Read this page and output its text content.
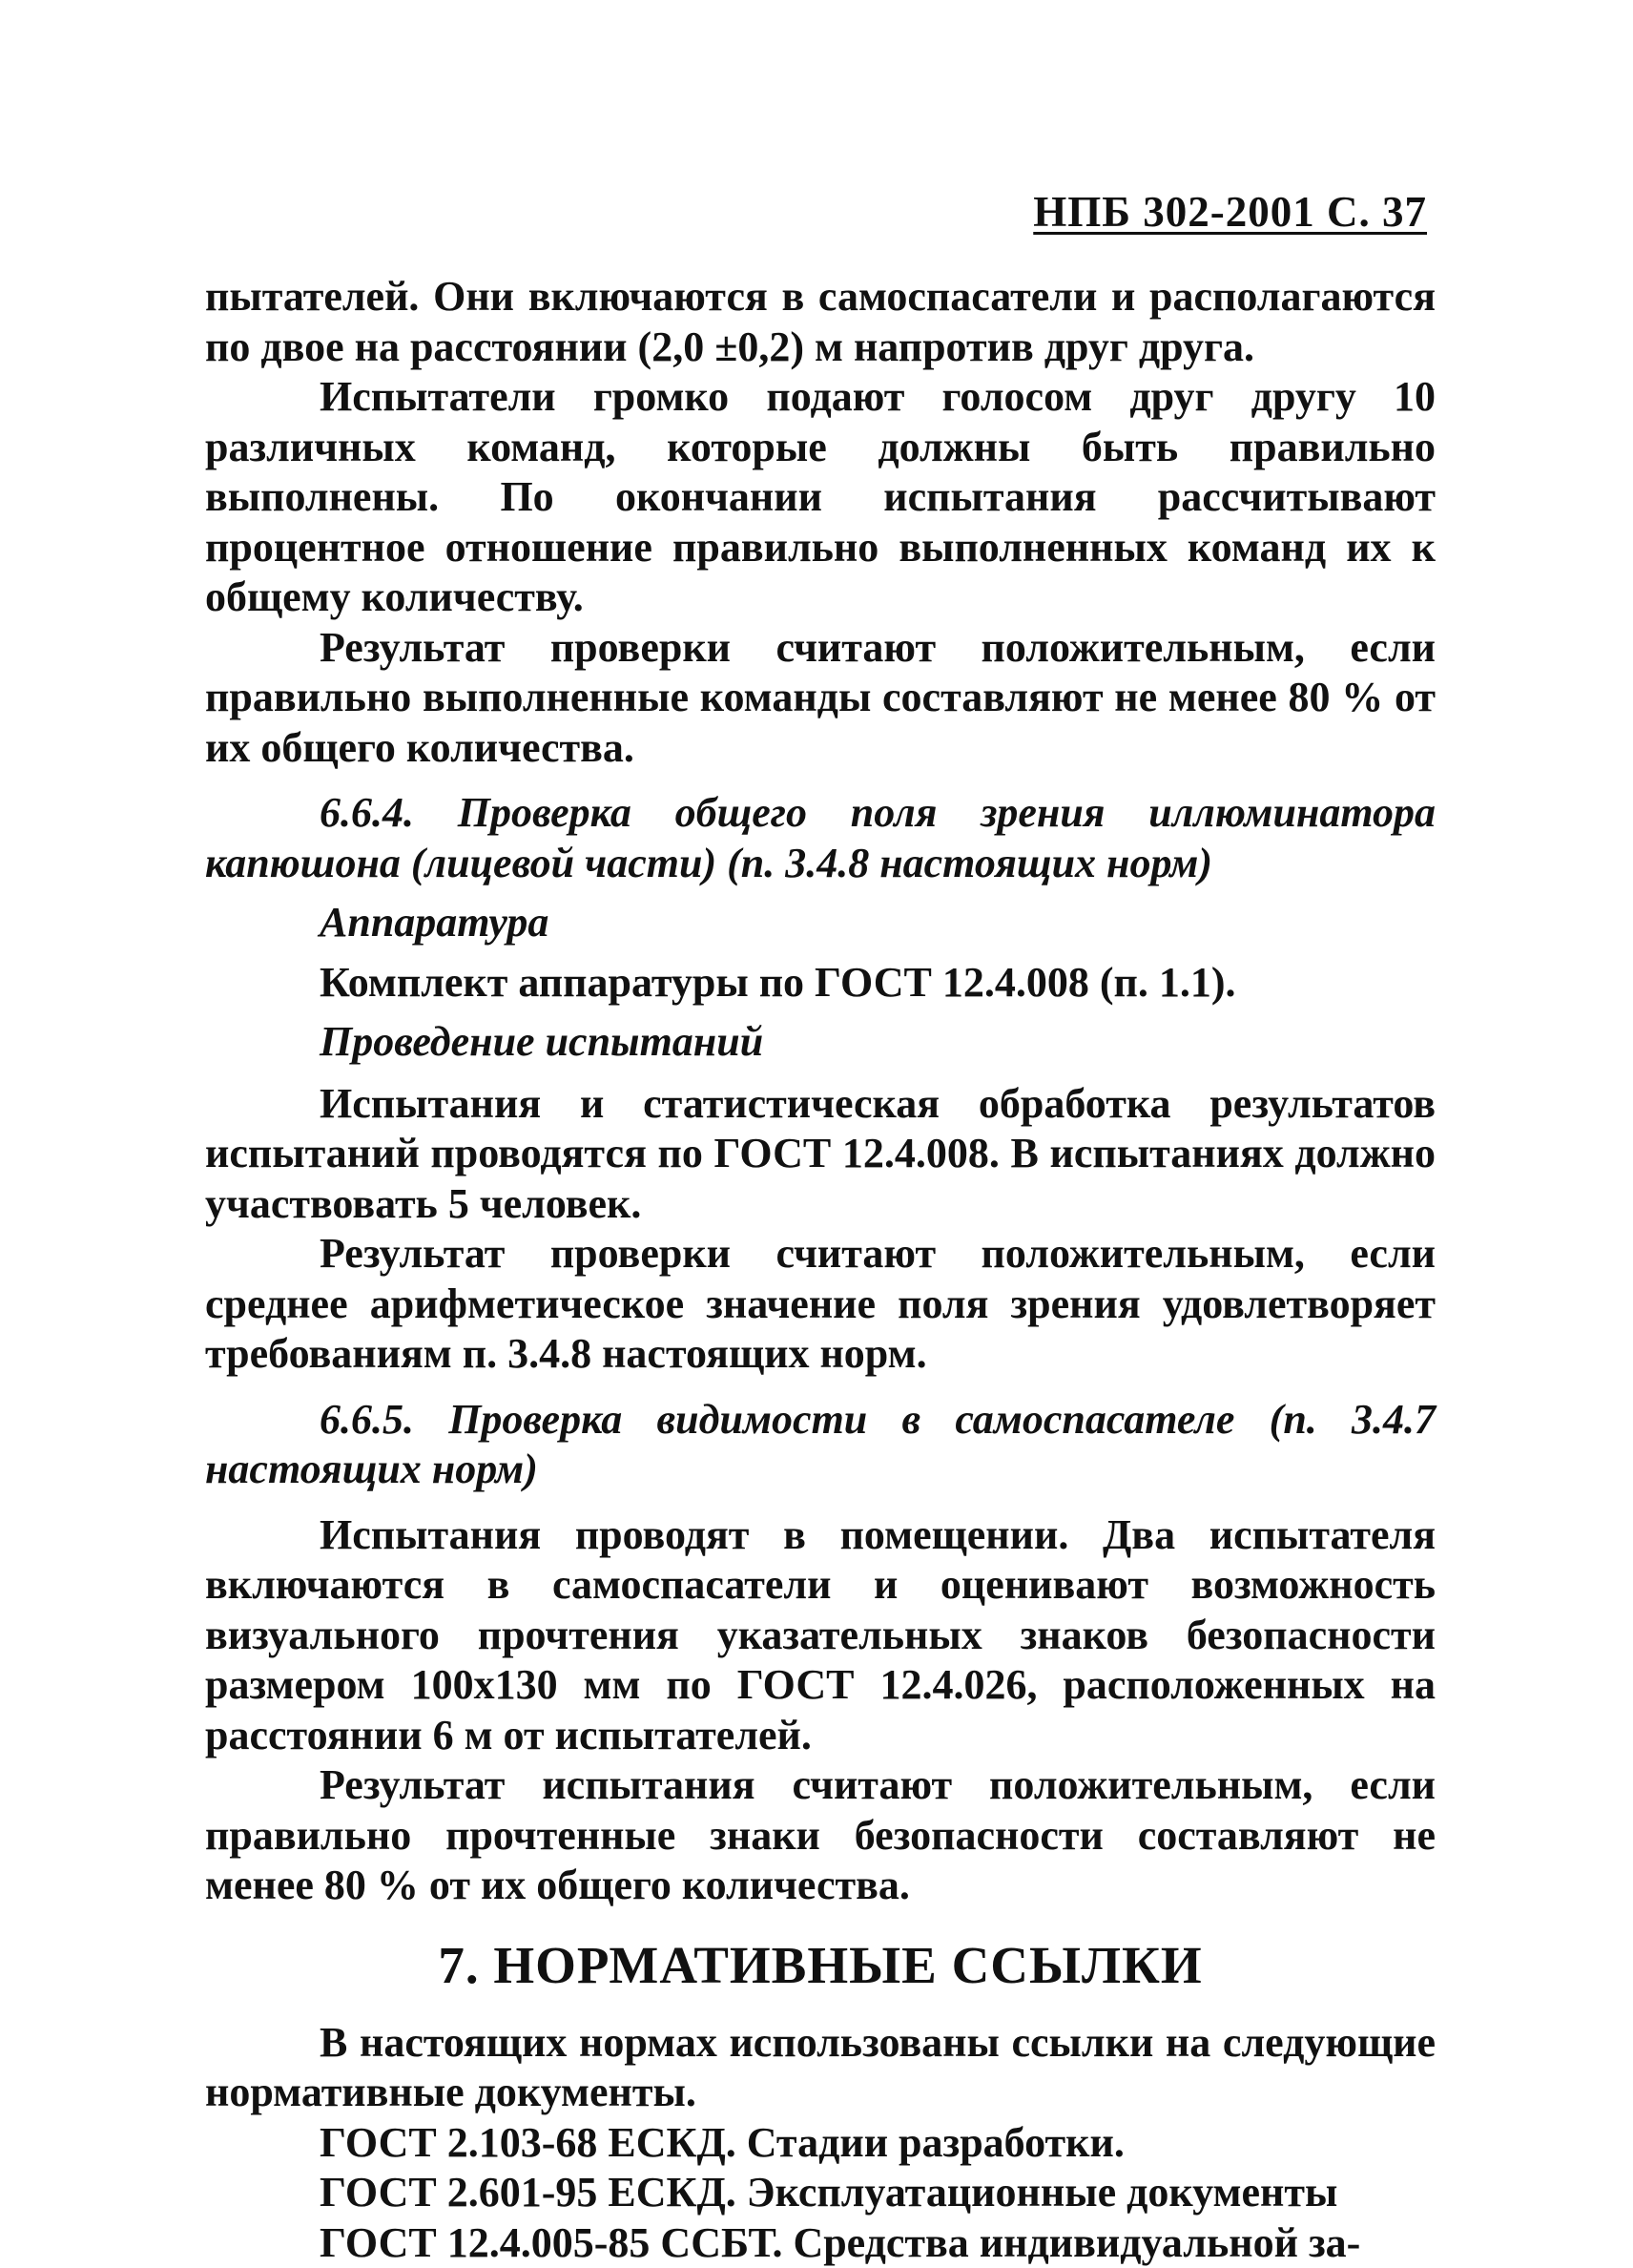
НПБ 302-2001 С. 37

пытателей. Они включаются в самоспасатели и располагаются по двое на расстоянии (2,0 ±0,2) м напротив друг друга.

Испытатели громко подают голосом друг другу 10 различных команд, которые должны быть правильно выполнены. По окончании испытания рассчитывают процентное отношение правильно выполненных команд их к общему количеству.

Результат проверки считают положительным, если правильно выполненные команды составляют не менее 80 % от их общего количества.

6.6.4. Проверка общего поля зрения иллюминатора капюшона (лицевой части) (п. 3.4.8 настоящих норм)

Аппаратура

Комплект аппаратуры по ГОСТ 12.4.008 (п. 1.1).

Проведение испытаний

Испытания и статистическая обработка результатов испытаний проводятся по ГОСТ 12.4.008. В испытаниях должно участвовать 5 человек.

Результат проверки считают положительным, если среднее арифметическое значение поля зрения удовлетворяет требованиям п. 3.4.8 настоящих норм.

6.6.5. Проверка видимости в самоспасателе (п. 3.4.7 настоящих норм)

Испытания проводят в помещении. Два испытателя включаются в самоспасатели и оценивают возможность визуального прочтения указательных знаков безопасности размером 100x130 мм по ГОСТ 12.4.026, расположенных на расстоянии 6 м от испытателей.

Результат испытания считают положительным, если правильно прочтенные знаки безопасности составляют не менее 80 % от их общего количества.

7. НОРМАТИВНЫЕ ССЫЛКИ

В настоящих нормах использованы ссылки на следующие нормативные документы.

ГОСТ 2.103-68 ЕСКД. Стадии разработки.

ГОСТ 2.601-95 ЕСКД. Эксплуатационные документы

ГОСТ 12.4.005-85 ССБТ. Средства индивидуальной за-
